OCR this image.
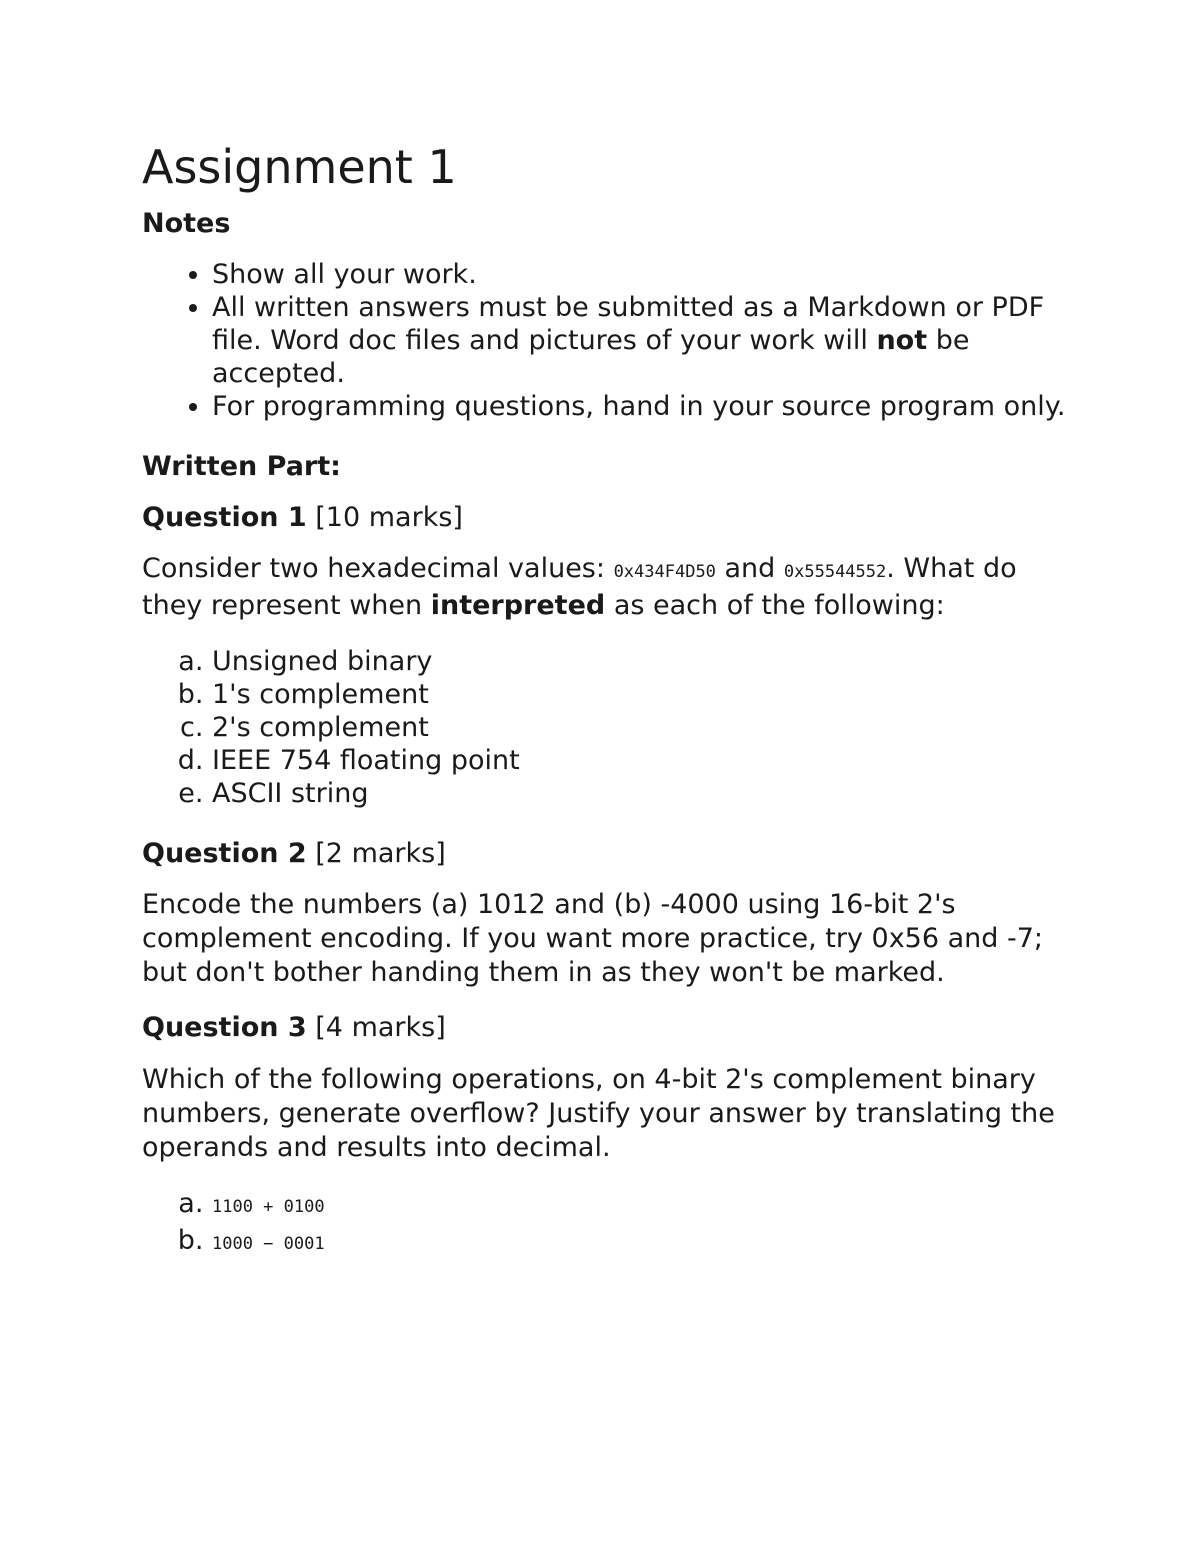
Assignment 1
Notes
• Show all your work.
• All written answers must be submitted as a Markdown or PDF file. Word doc files and pictures of your work will not be accepted.
• For programming questions, hand in your source program only.
Written Part:
Question 1 [10 marks]

Consider two hexadecimal values: 0x434F4D50 and 0x55544552. What do they represent when interpreted as each of the following:

a. Unsigned binary
b. 1's complement
c. 2's complement
d. IEEE 754 floating point
e. ASCII string
Question 2 [2 marks]

Encode the numbers (a) 1012 and (b) -4000 using 16-bit 2's complement encoding. If you want more practice, try 0x56 and -7; but don't bother handing them in as they won't be marked.

Question 3 [4 marks]

Which of the following operations, on 4-bit 2's complement binary numbers, generate overflow? Justify your answer by translating the operands and results into decimal.

a. 1100 + 0100
b. 1000 − 0001
